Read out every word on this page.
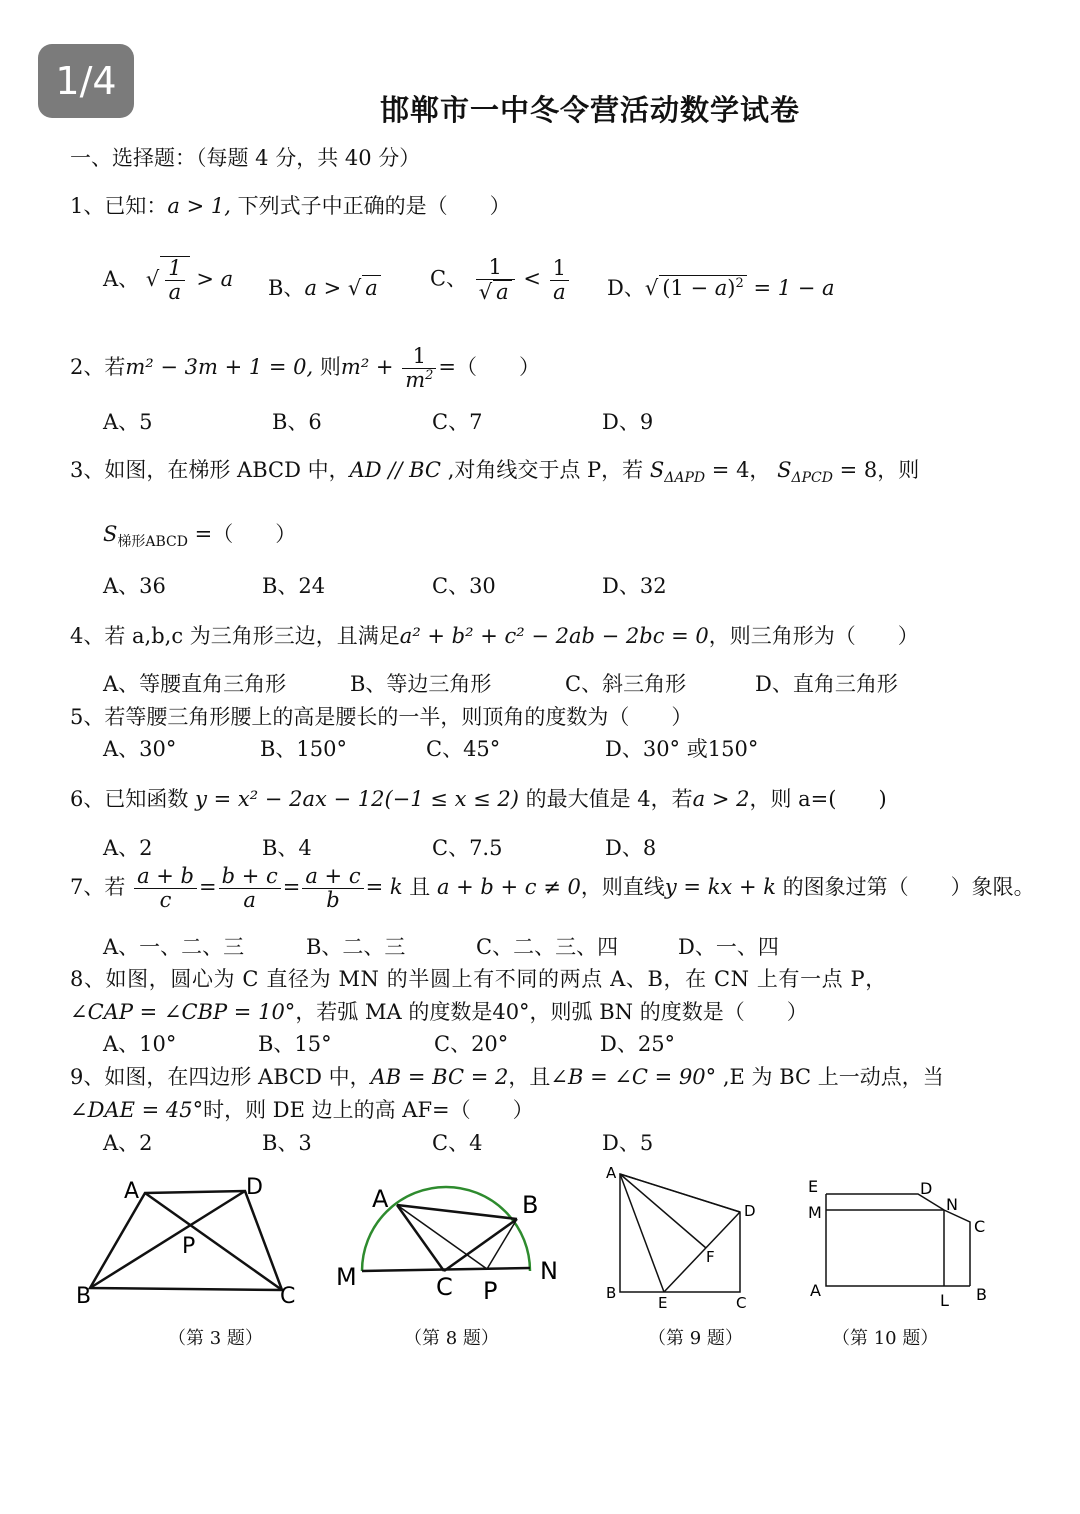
1/4
邯郸市一中冬令营活动数学试卷
一、选择题：（每题 4 分，共 40 分）
1、已知：a > 1, 下列式子中正确的是（　　）
A、 √ $\frac{1}{a} > a$ B、a > √ a C、 $\frac{1}{√ a} < \frac{1}{a}$ D、√ $(1 - a)^2 = 1 - a$
2、若m² − 3m + 1 = 0, 则$m^2 + \frac{1}{m^2}$ =（　　）
A、5	B、6	C、7	D、9
3、如图，在梯形 ABCD 中，AD // BC ,对角线交于点 P，若 $S_{\Delta APD} = 4$， $S_{\Delta PCD} = 8$，则
$S_{梯形ABCD}$ =（　　）
A、36	B、24	C、30	D、32
4、若 a,b,c 为三角形三边，且满足a² + b² + c² − 2ab − 2bc = 0，则三角形为（　　）
A、等腰直角三角形	B、等边三角形	C、斜三角形	D、直角三角形
5、若等腰三角形腰上的高是腰长的一半，则顶角的度数为（　　）
A、30°	B、150°	C、45°	D、30° 或150°
6、已知函数 y = x² − 2ax − 12(−1 ≤ x ≤ 2) 的最大值是 4，若a > 2，则 a=(　　)
A、2	B、4	C、7.5	D、8
7、若 $\frac{a + b}{c} = \frac{b + c}{a} = \frac{a + c}{b} = k$ 且 a + b + c ≠ 0，则直线y = kx + k 的图象过第（　　）象限。
A、一、二、三	B、二、三	C、二、三、四	D、一、四
8、如图，圆心为 C 直径为 MN 的半圆上有不同的两点 A、B，在 CN 上有一点 P，
∠CAP = ∠CBP = 10°，若弧 MA 的度数是40°，则弧 BN 的度数是（　　）
A、10°	B、15°	C、20°	D、25°
9、如图，在四边形 ABCD 中，AB = BC = 2，且∠B = ∠C = 90° ,E 为 BC 上一动点，当
∠DAE = 45°时，则 DE 边上的高 AF=（　　）
A、2	B、3	C、4	D、5
A	D
P
B	C
A	B
M	C P
N
A
D
F
B
E	C
E	D
N
M
C
A
L B
（第 3 题）	（第 8 题）	（第 9 题）	（第 10 题）
